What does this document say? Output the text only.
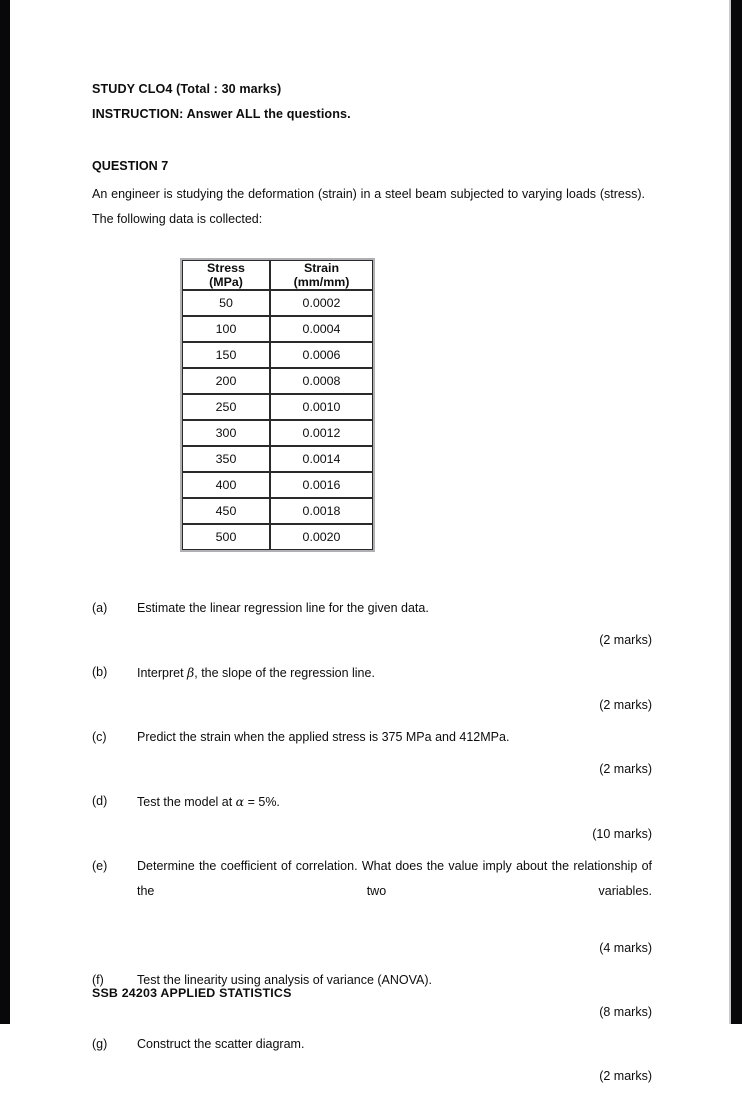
STUDY CLO4 (Total : 30 marks)
INSTRUCTION: Answer ALL the questions.
QUESTION 7
An engineer is studying the deformation (strain) in a steel beam subjected to varying loads (stress). The following data is collected:
Stress (MPa)	Strain (mm/mm)
50	0.0002
100	0.0004
150	0.0006
200	0.0008
250	0.0010
300	0.0012
350	0.0014
400	0.0016
450	0.0018
500	0.0020
(a) Estimate the linear regression line for the given data.
(2 marks)
(b) Interpret β, the slope of the regression line.
(2 marks)
(c) Predict the strain when the applied stress is 375 MPa and 412MPa.
(2 marks)
(d) Test the model at α = 5%.
(10 marks)
(e) Determine the coefficient of correlation. What does the value imply about the relationship of the two variables.
(4 marks)
(f)	Test the linearity using analysis of variance (ANOVA).
(8 marks)
(g) Construct the scatter diagram.
(2 marks)
SSB 24203 APPLIED STATISTICS
